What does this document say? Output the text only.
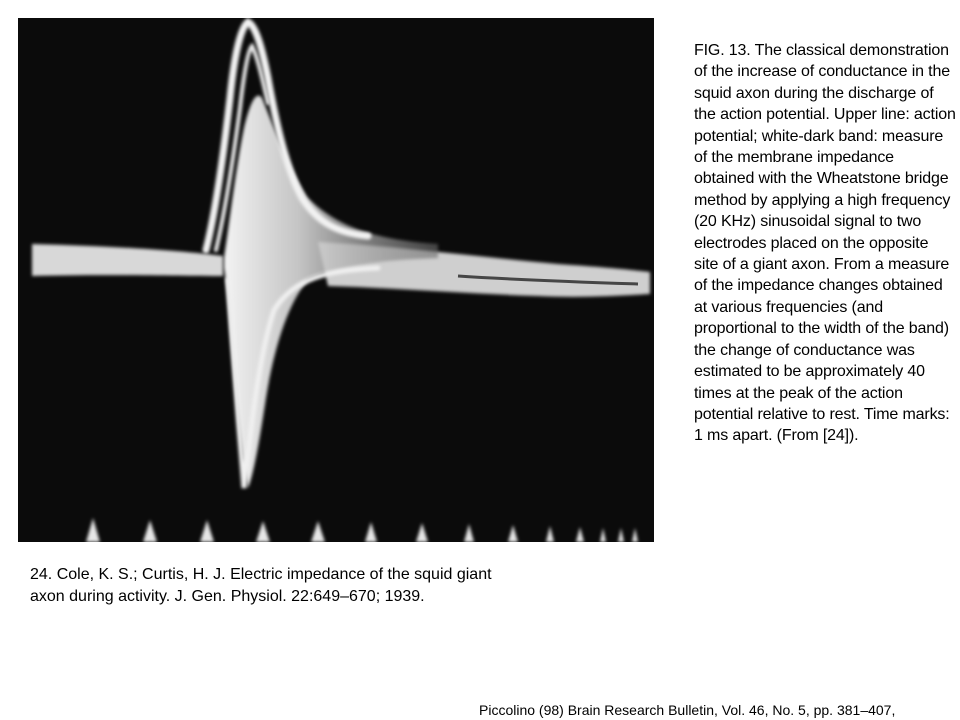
FIG. 13. The classical demonstration of the increase of conductance in the squid axon during the discharge of the action potential. Upper line: action potential; white-dark band: measure of the membrane impedance obtained with the Wheatstone bridge method by applying a high frequency (20 KHz) sinusoidal signal to two electrodes placed on the opposite site of a giant axon. From a measure of the impedance changes obtained at various frequencies (and proportional to the width of the band) the change of conductance was estimated to be approximately 40 times at the peak of the action potential relative to rest. Time marks: 1 ms apart. (From [24]).

24. Cole, K. S.; Curtis, H. J. Electric impedance of the squid giant axon during activity. J. Gen. Physiol. 22:649–670; 1939.

Piccolino (98) Brain Research Bulletin, Vol. 46, No. 5, pp. 381–407,
